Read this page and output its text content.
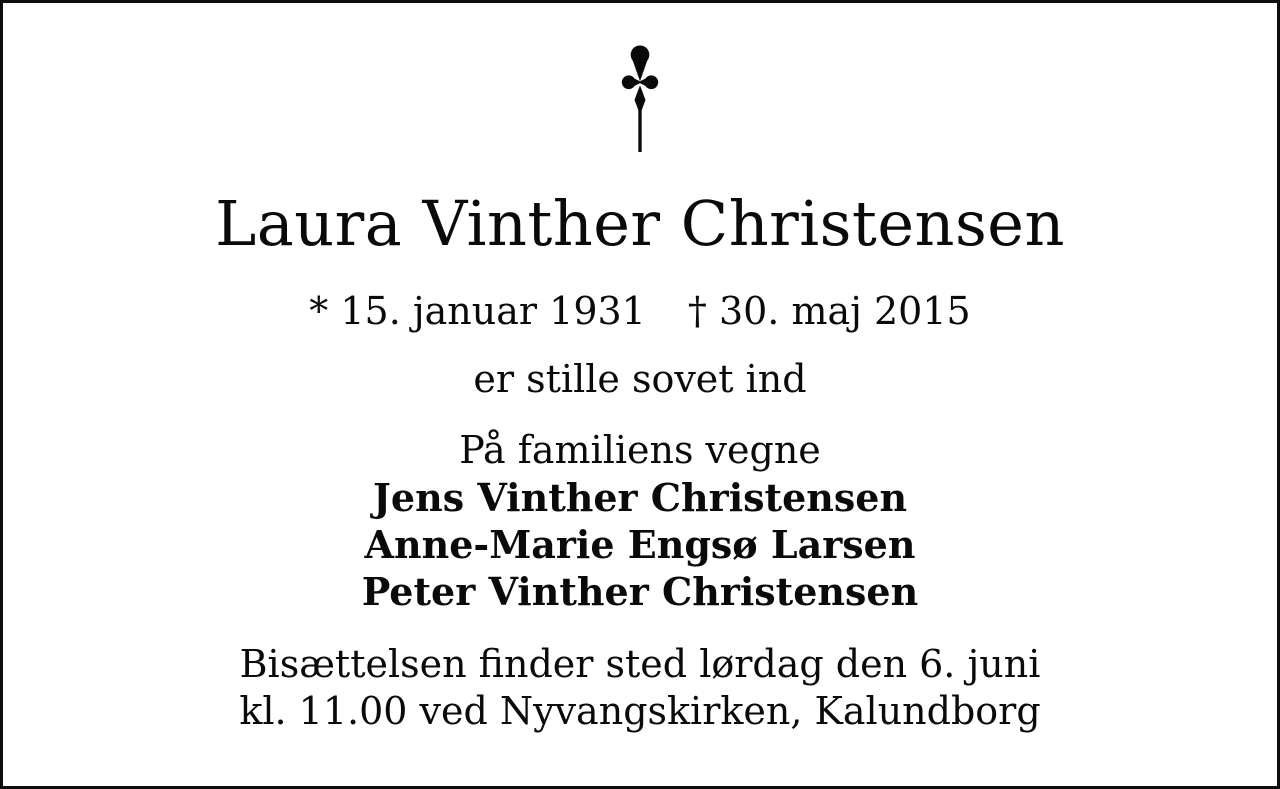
Laura Vinther Christensen
* 15. januar 1931 † 30. maj 2015
er stille sovet ind
På familiens vegne
Jens Vinther Christensen
Anne-Marie Engsø Larsen
Peter Vinther Christensen
Bisættelsen finder sted lørdag den 6. juni
kl. 11.00 ved Nyvangskirken, Kalundborg
